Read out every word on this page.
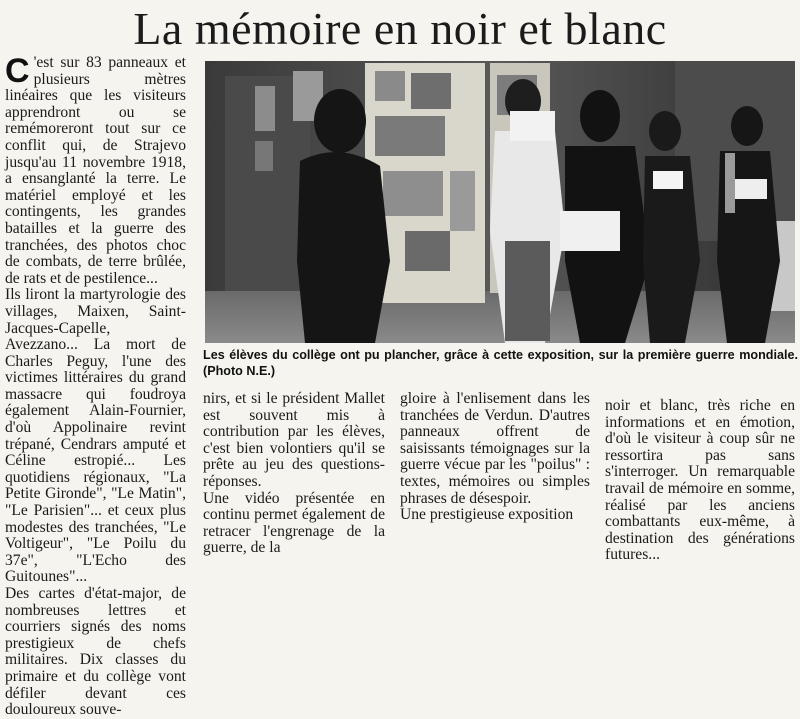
La mémoire en noir et blanc
C 'est sur 83 panneaux et plusieurs mètres linéaires que les visiteurs apprendront ou se remémoreront tout sur ce conflit qui, de Strajevo jusqu'au 11 novembre 1918, a ensanglanté la terre. Le matériel employé et les contingents, les grandes batailles et la guerre des tranchées, des photos choc de combats, de terre brûlée, de rats et de pestilence...
Ils liront la martyrologie des villages, Maixen, Saint-Jacques-Capelle, Avezzano... La mort de Charles Peguy, l'une des victimes littéraires du grand massacre qui foudroya également Alain-Fournier, d'où Appolinaire revint trépané, Cendrars amputé et Céline estropié... Les quotidiens régionaux, "La Petite Gironde", "Le Matin", "Le Parisien"... et ceux plus modestes des tranchées, "Le Voltigeur", "Le Poilu du 37e", "L'Echo des Guitounes"...
Des cartes d'état-major, de nombreuses lettres et courriers signés des noms prestigieux de chefs militaires. Dix classes du primaire et du collège vont défiler devant ces douloureux souve-

Les élèves du collège ont pu plancher, grâce à cette exposition, sur la première guerre mondiale. (Photo N.E.)

nirs, et si le président Mallet est souvent mis à contribution par les élèves, c'est bien volontiers qu'il se prête au jeu des questions-réponses.
Une vidéo présentée en continu permet également de retracer l'engrenage de la guerre, de la

gloire à l'enlisement dans les tranchées de Verdun. D'autres panneaux offrent de saisissants témoignages sur la guerre vécue par les "poilus" : textes, mémoires ou simples phrases de désespoir.
Une prestigieuse exposition

noir et blanc, très riche en informations et en émotion, d'où le visiteur à coup sûr ne ressortira pas sans s'interroger. Un remarquable travail de mémoire en somme, réalisé par les anciens combattants eux-même, à destination des générations futures...
